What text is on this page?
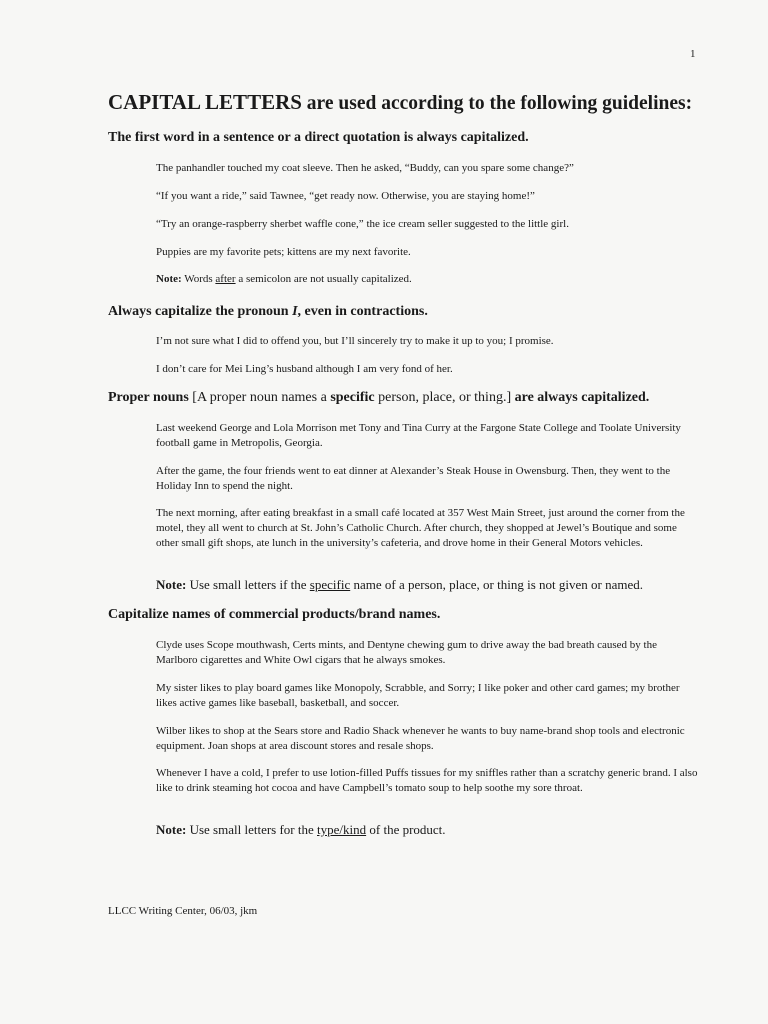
1
CAPITAL LETTERS are used according to the following guidelines:
The first word in a sentence or a direct quotation is always capitalized.
The panhandler touched my coat sleeve. Then he asked, “Buddy, can you spare some change?”
“If you want a ride,” said Tawnee, “get ready now. Otherwise, you are staying home!”
“Try an orange-raspberry sherbet waffle cone,” the ice cream seller suggested to the little girl.
Puppies are my favorite pets; kittens are my next favorite.
Note: Words after a semicolon are not usually capitalized.
Always capitalize the pronoun I, even in contractions.
I’m not sure what I did to offend you, but I’ll sincerely try to make it up to you; I promise.
I don’t care for Mei Ling’s husband although I am very fond of her.
Proper nouns [A proper noun names a specific person, place, or thing.] are always capitalized.
Last weekend George and Lola Morrison met Tony and Tina Curry at the Fargone State College and Toolate University football game in Metropolis, Georgia.
After the game, the four friends went to eat dinner at Alexander’s Steak House in Owensburg. Then, they went to the Holiday Inn to spend the night.
The next morning, after eating breakfast in a small café located at 357 West Main Street, just around the corner from the motel, they all went to church at St. John’s Catholic Church. After church, they shopped at Jewel’s Boutique and some other small gift shops, ate lunch in the university’s cafeteria, and drove home in their General Motors vehicles.
Note: Use small letters if the specific name of a person, place, or thing is not given or named.
Capitalize names of commercial products/brand names.
Clyde uses Scope mouthwash, Certs mints, and Dentyne chewing gum to drive away the bad breath caused by the Marlboro cigarettes and White Owl cigars that he always smokes.
My sister likes to play board games like Monopoly, Scrabble, and Sorry; I like poker and other card games; my brother likes active games like baseball, basketball, and soccer.
Wilber likes to shop at the Sears store and Radio Shack whenever he wants to buy name-brand shop tools and electronic equipment. Joan shops at area discount stores and resale shops.
Whenever I have a cold, I prefer to use lotion-filled Puffs tissues for my sniffles rather than a scratchy generic brand. I also like to drink steaming hot cocoa and have Campbell’s tomato soup to help soothe my sore throat.
Note: Use small letters for the type/kind of the product.
LLCC Writing Center, 06/03, jkm
